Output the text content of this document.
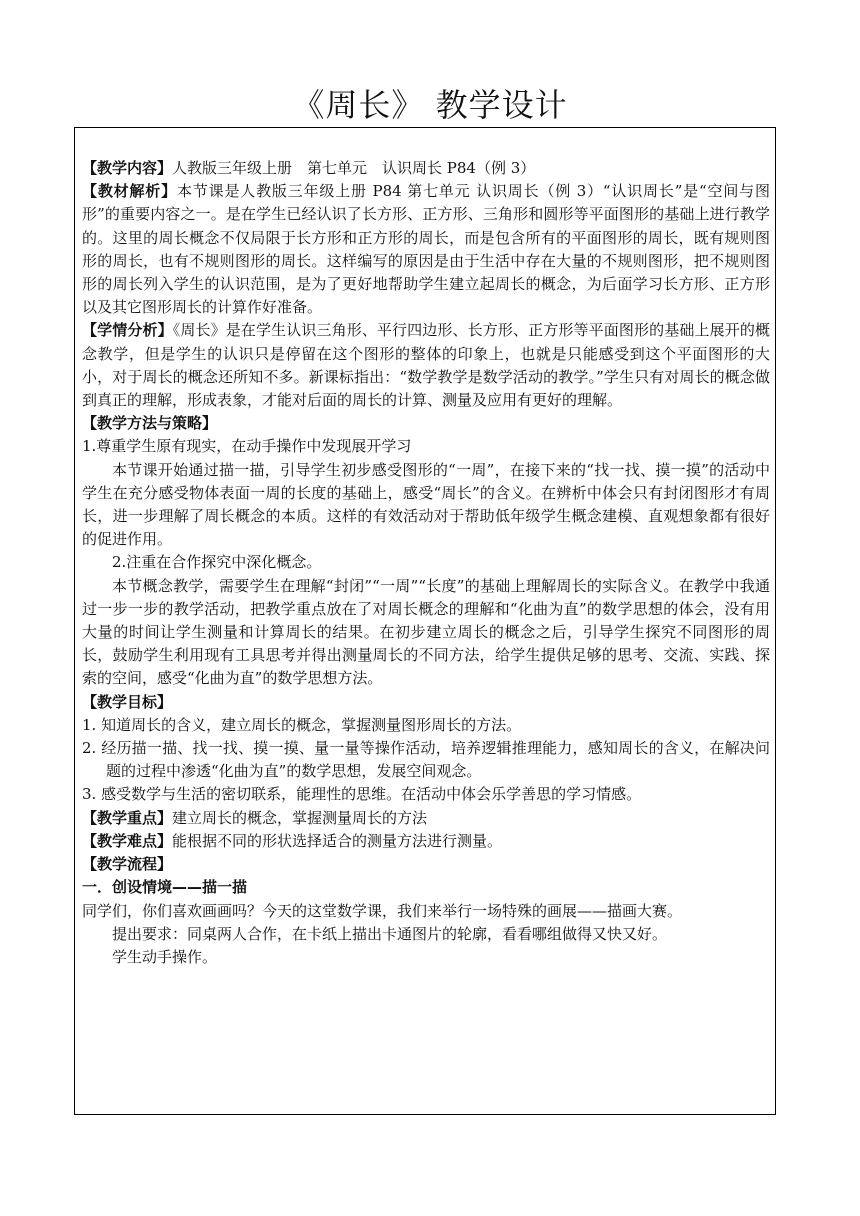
《周长》 教学设计

【教学内容】人教版三年级上册　第七单元　认识周长 P84（例 3）

【教材解析】本节课是人教版三年级上册 P84 第七单元 认识周长（例 3）“认识周长”是“空间与图形”的重要内容之一。是在学生已经认识了长方形、正方形、三角形和圆形等平面图形的基础上进行教学的。这里的周长概念不仅局限于长方形和正方形的周长，而是包含所有的平面图形的周长，既有规则图形的周长，也有不规则图形的周长。这样编写的原因是由于生活中存在大量的不规则图形，把不规则图形的周长列入学生的认识范围，是为了更好地帮助学生建立起周长的概念，为后面学习长方形、正方形以及其它图形周长的计算作好准备。

【学情分析】《周长》是在学生认识三角形、平行四边形、长方形、正方形等平面图形的基础上展开的概念教学，但是学生的认识只是停留在这个图形的整体的印象上，也就是只能感受到这个平面图形的大小，对于周长的概念还所知不多。新课标指出：“数学教学是数学活动的教学。”学生只有对周长的概念做到真正的理解，形成表象，才能对后面的周长的计算、测量及应用有更好的理解。

【教学方法与策略】

1.尊重学生原有现实，在动手操作中发现展开学习

本节课开始通过描一描，引导学生初步感受图形的“一周”，在接下来的“找一找、摸一摸”的活动中学生在充分感受物体表面一周的长度的基础上，感受“周长”的含义。在辨析中体会只有封闭图形才有周长，进一步理解了周长概念的本质。这样的有效活动对于帮助低年级学生概念建模、直观想象都有很好的促进作用。

2.注重在合作探究中深化概念。

本节概念教学，需要学生在理解“封闭”“一周”“长度”的基础上理解周长的实际含义。在教学中我通过一步一步的教学活动，把教学重点放在了对周长概念的理解和“化曲为直”的数学思想的体会，没有用大量的时间让学生测量和计算周长的结果。在初步建立周长的概念之后，引导学生探究不同图形的周长，鼓励学生利用现有工具思考并得出测量周长的不同方法，给学生提供足够的思考、交流、实践、探索的空间，感受“化曲为直”的数学思想方法。

【教学目标】

1. 知道周长的含义，建立周长的概念，掌握测量图形周长的方法。

2. 经历描一描、找一找、摸一摸、量一量等操作活动，培养逻辑推理能力，感知周长的含义，在解决问题的过程中渗透“化曲为直”的数学思想，发展空间观念。

3. 感受数学与生活的密切联系，能理性的思维。在活动中体会乐学善思的学习情感。

【教学重点】建立周长的概念，掌握测量周长的方法

【教学难点】能根据不同的形状选择适合的测量方法进行测量。

【教学流程】

一．创设情境——描一描

同学们，你们喜欢画画吗？今天的这堂数学课，我们来举行一场特殊的画展——描画大赛。

提出要求：同桌两人合作，在卡纸上描出卡通图片的轮廓，看看哪组做得又快又好。

学生动手操作。
